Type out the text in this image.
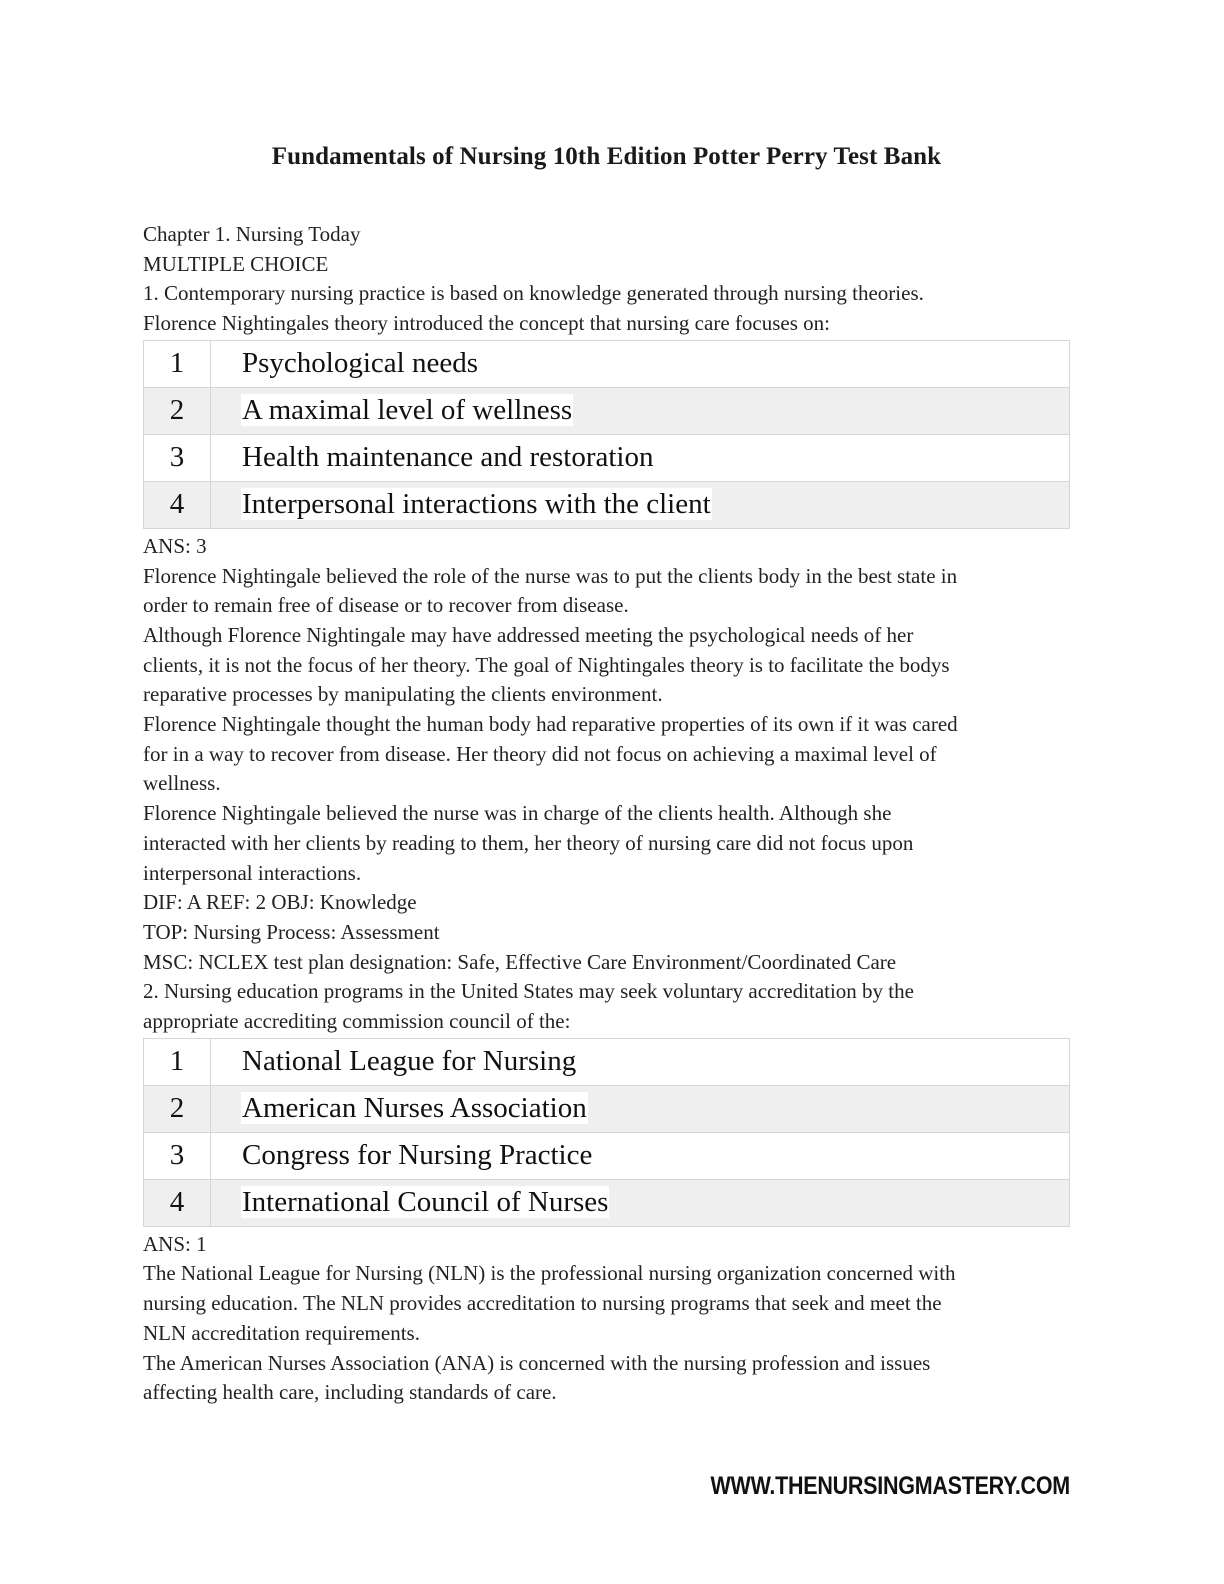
Fundamentals of Nursing 10th Edition Potter Perry Test Bank

Chapter 1. Nursing Today

MULTIPLE CHOICE

1. Contemporary nursing practice is based on knowledge generated through nursing theories.

Florence Nightingales theory introduced the concept that nursing care focuses on:

1	Psychological needs
2	A maximal level of wellness
3	Health maintenance and restoration
4	Interpersonal interactions with the client

ANS: 3

Florence Nightingale believed the role of the nurse was to put the clients body in the best state in

order to remain free of disease or to recover from disease.

Although Florence Nightingale may have addressed meeting the psychological needs of her

clients, it is not the focus of her theory. The goal of Nightingales theory is to facilitate the bodys

reparative processes by manipulating the clients environment.

Florence Nightingale thought the human body had reparative properties of its own if it was cared

for in a way to recover from disease. Her theory did not focus on achieving a maximal level of

wellness.

Florence Nightingale believed the nurse was in charge of the clients health. Although she

interacted with her clients by reading to them, her theory of nursing care did not focus upon

interpersonal interactions.

DIF: A REF: 2 OBJ: Knowledge

TOP: Nursing Process: Assessment

MSC: NCLEX test plan designation: Safe, Effective Care Environment/Coordinated Care

2. Nursing education programs in the United States may seek voluntary accreditation by the

appropriate accrediting commission council of the:

1	National League for Nursing
2	American Nurses Association
3	Congress for Nursing Practice
4	International Council of Nurses

ANS: 1

The National League for Nursing (NLN) is the professional nursing organization concerned with

nursing education. The NLN provides accreditation to nursing programs that seek and meet the

NLN accreditation requirements.

The American Nurses Association (ANA) is concerned with the nursing profession and issues

affecting health care, including standards of care.

WWW.THENURSINGMASTERY.COM
